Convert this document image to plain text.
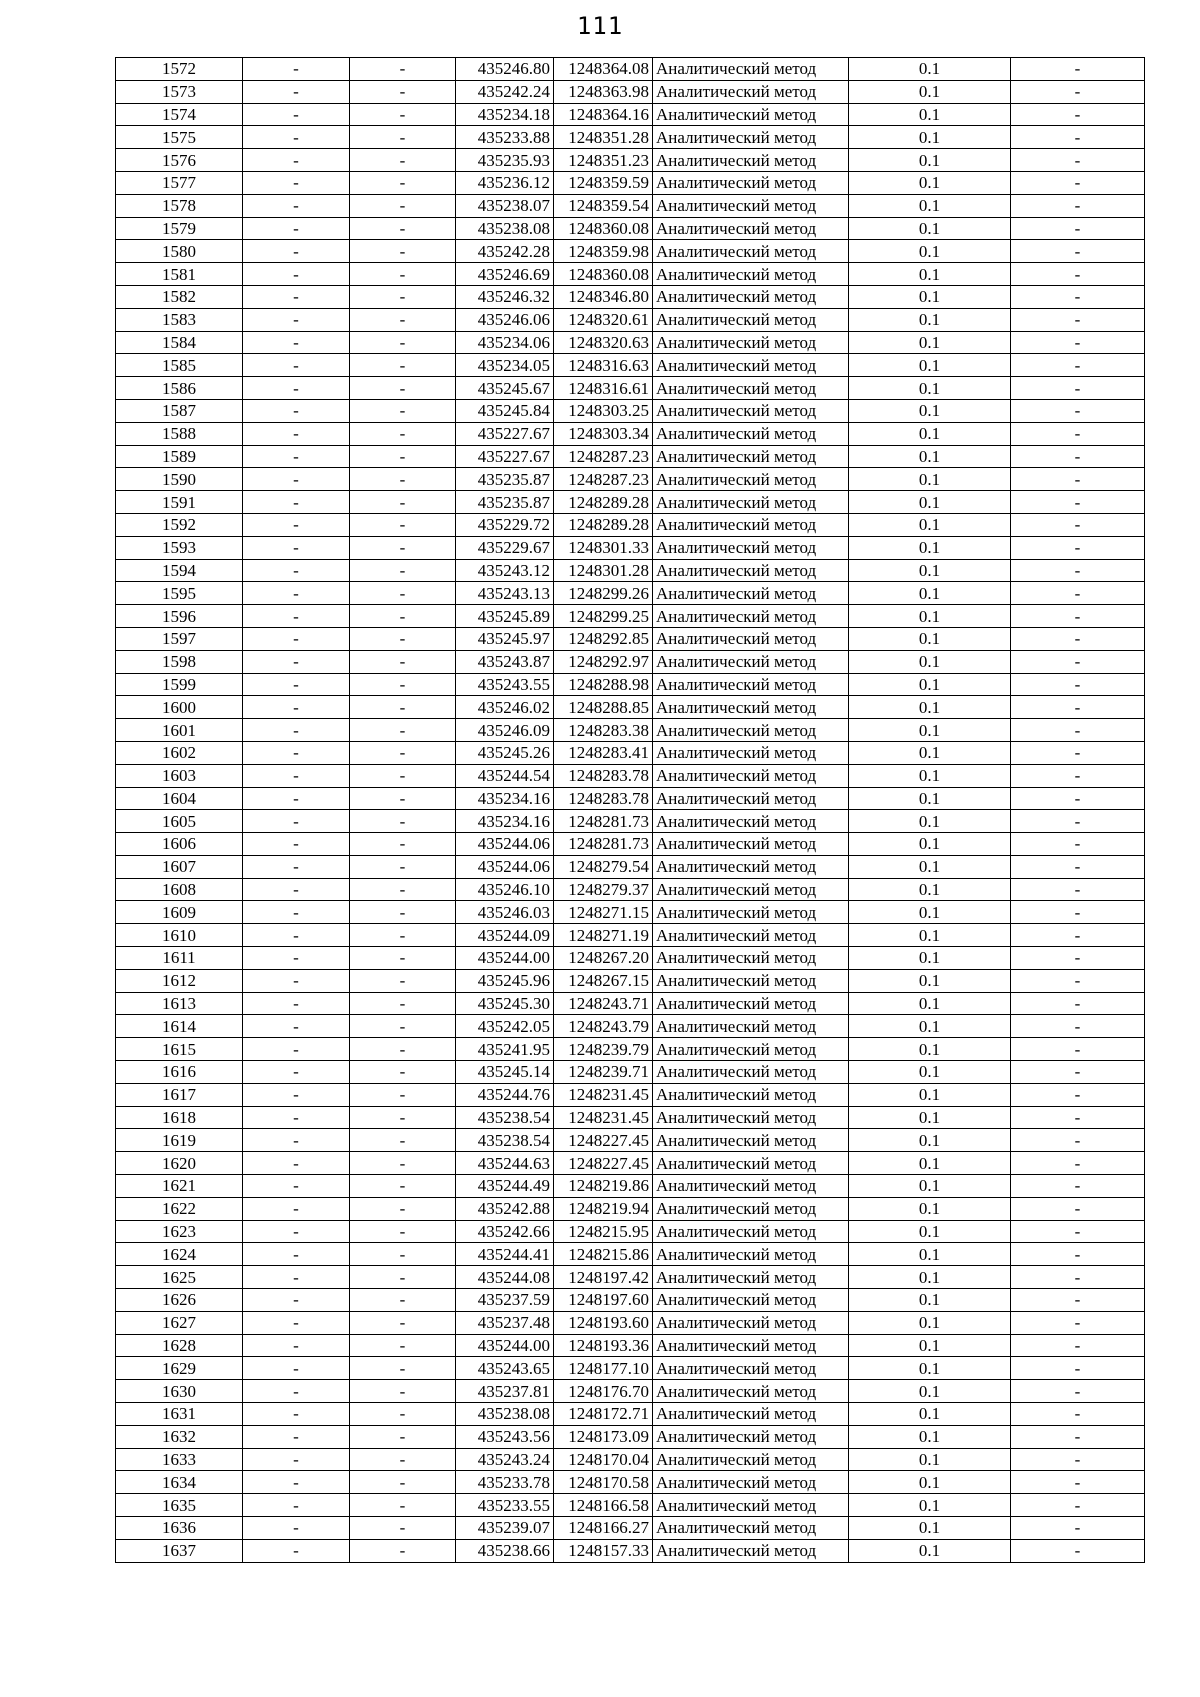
111
1572	-	-	435246.80	1248364.08	Аналитический метод	0.1	-
1573	-	-	435242.24	1248363.98	Аналитический метод	0.1	-
1574	-	-	435234.18	1248364.16	Аналитический метод	0.1	-
1575	-	-	435233.88	1248351.28	Аналитический метод	0.1	-
1576	-	-	435235.93	1248351.23	Аналитический метод	0.1	-
1577	-	-	435236.12	1248359.59	Аналитический метод	0.1	-
1578	-	-	435238.07	1248359.54	Аналитический метод	0.1	-
1579	-	-	435238.08	1248360.08	Аналитический метод	0.1	-
1580	-	-	435242.28	1248359.98	Аналитический метод	0.1	-
1581	-	-	435246.69	1248360.08	Аналитический метод	0.1	-
1582	-	-	435246.32	1248346.80	Аналитический метод	0.1	-
1583	-	-	435246.06	1248320.61	Аналитический метод	0.1	-
1584	-	-	435234.06	1248320.63	Аналитический метод	0.1	-
1585	-	-	435234.05	1248316.63	Аналитический метод	0.1	-
1586	-	-	435245.67	1248316.61	Аналитический метод	0.1	-
1587	-	-	435245.84	1248303.25	Аналитический метод	0.1	-
1588	-	-	435227.67	1248303.34	Аналитический метод	0.1	-
1589	-	-	435227.67	1248287.23	Аналитический метод	0.1	-
1590	-	-	435235.87	1248287.23	Аналитический метод	0.1	-
1591	-	-	435235.87	1248289.28	Аналитический метод	0.1	-
1592	-	-	435229.72	1248289.28	Аналитический метод	0.1	-
1593	-	-	435229.67	1248301.33	Аналитический метод	0.1	-
1594	-	-	435243.12	1248301.28	Аналитический метод	0.1	-
1595	-	-	435243.13	1248299.26	Аналитический метод	0.1	-
1596	-	-	435245.89	1248299.25	Аналитический метод	0.1	-
1597	-	-	435245.97	1248292.85	Аналитический метод	0.1	-
1598	-	-	435243.87	1248292.97	Аналитический метод	0.1	-
1599	-	-	435243.55	1248288.98	Аналитический метод	0.1	-
1600	-	-	435246.02	1248288.85	Аналитический метод	0.1	-
1601	-	-	435246.09	1248283.38	Аналитический метод	0.1	-
1602	-	-	435245.26	1248283.41	Аналитический метод	0.1	-
1603	-	-	435244.54	1248283.78	Аналитический метод	0.1	-
1604	-	-	435234.16	1248283.78	Аналитический метод	0.1	-
1605	-	-	435234.16	1248281.73	Аналитический метод	0.1	-
1606	-	-	435244.06	1248281.73	Аналитический метод	0.1	-
1607	-	-	435244.06	1248279.54	Аналитический метод	0.1	-
1608	-	-	435246.10	1248279.37	Аналитический метод	0.1	-
1609	-	-	435246.03	1248271.15	Аналитический метод	0.1	-
1610	-	-	435244.09	1248271.19	Аналитический метод	0.1	-
1611	-	-	435244.00	1248267.20	Аналитический метод	0.1	-
1612	-	-	435245.96	1248267.15	Аналитический метод	0.1	-
1613	-	-	435245.30	1248243.71	Аналитический метод	0.1	-
1614	-	-	435242.05	1248243.79	Аналитический метод	0.1	-
1615	-	-	435241.95	1248239.79	Аналитический метод	0.1	-
1616	-	-	435245.14	1248239.71	Аналитический метод	0.1	-
1617	-	-	435244.76	1248231.45	Аналитический метод	0.1	-
1618	-	-	435238.54	1248231.45	Аналитический метод	0.1	-
1619	-	-	435238.54	1248227.45	Аналитический метод	0.1	-
1620	-	-	435244.63	1248227.45	Аналитический метод	0.1	-
1621	-	-	435244.49	1248219.86	Аналитический метод	0.1	-
1622	-	-	435242.88	1248219.94	Аналитический метод	0.1	-
1623	-	-	435242.66	1248215.95	Аналитический метод	0.1	-
1624	-	-	435244.41	1248215.86	Аналитический метод	0.1	-
1625	-	-	435244.08	1248197.42	Аналитический метод	0.1	-
1626	-	-	435237.59	1248197.60	Аналитический метод	0.1	-
1627	-	-	435237.48	1248193.60	Аналитический метод	0.1	-
1628	-	-	435244.00	1248193.36	Аналитический метод	0.1	-
1629	-	-	435243.65	1248177.10	Аналитический метод	0.1	-
1630	-	-	435237.81	1248176.70	Аналитический метод	0.1	-
1631	-	-	435238.08	1248172.71	Аналитический метод	0.1	-
1632	-	-	435243.56	1248173.09	Аналитический метод	0.1	-
1633	-	-	435243.24	1248170.04	Аналитический метод	0.1	-
1634	-	-	435233.78	1248170.58	Аналитический метод	0.1	-
1635	-	-	435233.55	1248166.58	Аналитический метод	0.1	-
1636	-	-	435239.07	1248166.27	Аналитический метод	0.1	-
1637	-	-	435238.66	1248157.33	Аналитический метод	0.1	-
